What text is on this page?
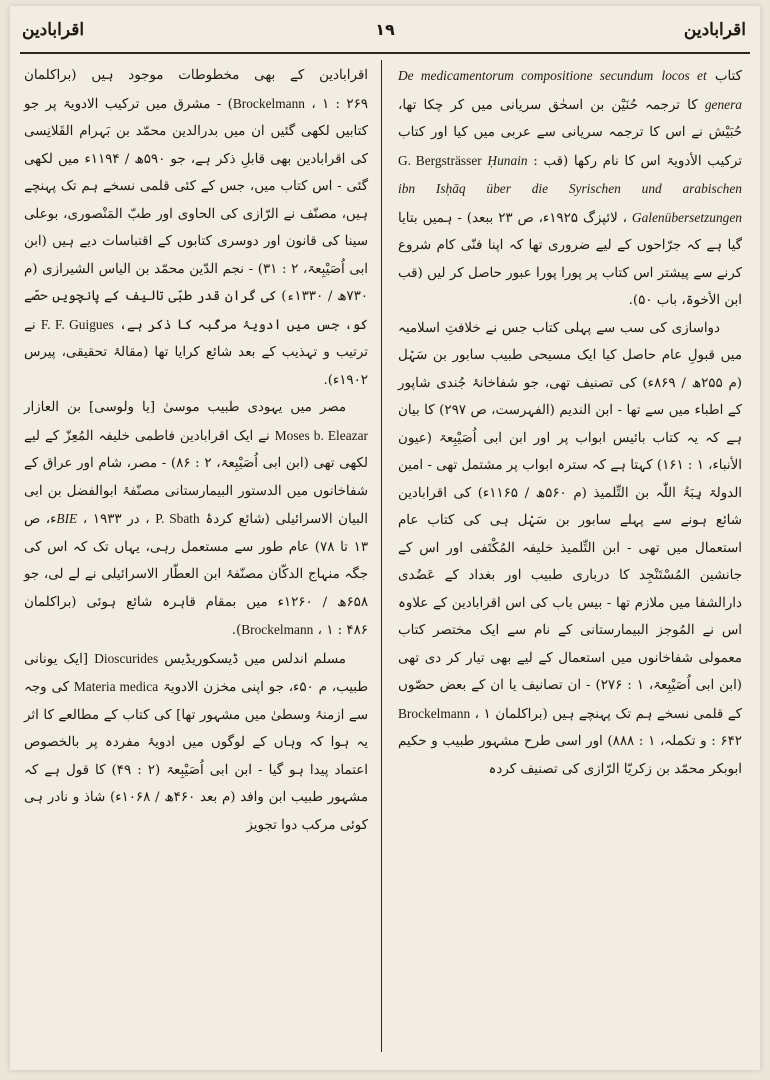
اقرابادین
۱۹
اقرابادین

کتاب De medicamentorum compositione secundum locos et genera کا ترجمہ حُنَیْن بن اسحٰق سریانی میں کر چکا تھا، حُبَیْش نے اس کا ترجمہ سریانی سے عربی میں کیا اور کتاب ترکیب الأدویۃ اس کا نام رکھا (قب : G. Bergsträsser Ḥunain ibn Isḥāq über die Syrischen und arabischen Galenübersetzungen ، لائپزگ ۱۹۲۵ء، ص ۲۳ ببعد) - ہمیں بتایا گیا ہے کہ جرّاحوں کے لیے ضروری تھا کہ اپنا فنّی کام شروع کرنے سے پیشتر اس کتاب پر پورا پورا عبور حاصل کر لیں (قب ابن الأخوۃ، باب ۵۰).

دواسازی کی سب سے پہلی کتاب جس نے خلافتِ اسلامیہ میں قبولِ عام حاصل کیا ایک مسیحی طبیب سابور بن سَہْل (م ۲۵۵ھ / ۸۶۹ء) کی تصنیف تھی، جو شفاخانۂ جُندی شاپور کے اطباء میں سے تھا - ابن الندیم (الفہرست، ص ۲۹۷) کا بیان ہے کہ یہ کتاب بائیس ابواب پر اور ابن ابی اُصَیْبِعۃ (عیون الأنباء، ۱ : ۱۶۱) کہتا ہے کہ سترہ ابواب پر مشتمل تھی - امین الدولۃ ہِبَۃُ اللّٰہ بن التِّلمیذ (م ۵۶۰ھ / ۱۱۶۵ء) کی اقرابادین شائع ہونے سے پہلے سابور بن سَہْل ہی کی کتاب عام استعمال میں تھی - ابن التِّلمیذ خلیفہ المُکْتَفی اور اس کے جانشین المُسْتَنْجِد کا درباری طبیب اور بغداد کے عَضُدی دارالشفا میں ملازم تھا - بیس باب کی اس اقرابادین کے علاوہ اس نے المُوجز البیمارستانی کے نام سے ایک مختصر کتاب معمولی شفاخانوں میں استعمال کے لیے بھی تیار کر دی تھی (ابن ابی اُصَیْبِعۃ، ۱ : ۲۷۶) - ان تصانیف یا ان کے بعض حصّوں کے قلمی نسخے ہم تک پہنچے ہیں (براکلمان Brockelmann ، ۱ : ۶۴۲ و تکملہ، ۱ : ۸۸۸) اور اسی طرح مشہور طبیب و حکیم ابوبکر محمّد بن زکریّا الرّازی کی تصنیف کردہ

اقرابادین کے بھی مخطوطات موجود ہیں (براکلمان Brockelmann ، ۱ : ۲۶۹) - مشرق میں ترکیب الادویۃ پر جو کتابیں لکھی گئیں ان میں بدرالدین محمّد بن بَہرام القَلانِسی کی اقرابادین بھی قابلِ ذکر ہے، جو ۵۹۰ھ / ۱۱۹۴ء میں لکھی گئی - اس کتاب میں، جس کے کئی قلمی نسخے ہم تک پہنچے ہیں، مصنّف نے الرّازی کی الحاوی اور طبّ المَنْصوری، بوعلی سینا کی قانون اور دوسری کتابوں کے اقتباسات دیے ہیں (ابن ابی اُصَیْبِعۃ، ۲ : ۳۱) - نجم الدّین محمّد بن الیاس الشیرازی (م ۷۳۰ھ / ۱۳۳۰ء) کی گران قدر طبّی تالیف کے پانچویں حصّے کو، جس میں ادویۂ مرکّبہ کا ذکر ہے، F. F. Guigues نے ترتیب و تہذیب کے بعد شائع کرایا تھا (مقالۂ تحقیقی، پیرس ۱۹۰۲ء).

مصر میں یہودی طبیب موسیٰ [یا ولوسی] بن العازار Moses b. Eleazar نے ایک اقرابادین فاطمی خلیفہ المُعِزّ کے لیے لکھی تھی (ابن ابی اُصَیْبِعۃ، ۲ : ۸۶) - مصر، شام اور عراق کے شفاخانوں میں الدستور البیمارستانی مصنّفۂ ابوالفضل بن ابی البیان الاسرائیلی (شائع کردۂ P. Sbath ، در BIE ، ۱۹۳۳ء، ص ۱۳ تا ۷۸) عام طور سے مستعمل رہی، یہاں تک کہ اس کی جگہ منہاج الدکّان مصنّفۂ ابن العطّار الاسرائیلی نے لے لی، جو ۶۵۸ھ / ۱۲۶۰ء میں بمقام قاہرہ شائع ہوئی (براکلمان Brockelmann ، ۱ : ۴۸۶).

مسلم اندلس میں ڈیسکوریڈیس Dioscurides [ایک یونانی طبیب، م ۵۰ء، جو اپنی مخزن الادویۃ Materia medica کی وجہ سے ازمنۂ وسطیٰ میں مشہور تھا] کی کتاب کے مطالعے کا اثر یہ ہوا کہ وہاں کے لوگوں میں ادویۂ مفردہ پر بالخصوص اعتماد پیدا ہو گیا - ابن ابی اُصَیْبِعۃ (۲ : ۴۹) کا قول ہے کہ مشہور طبیب ابن وافد (م بعد ۴۶۰ھ / ۱۰۶۸ء) شاذ و نادر ہی کوئی مرکب دوا تجویز
